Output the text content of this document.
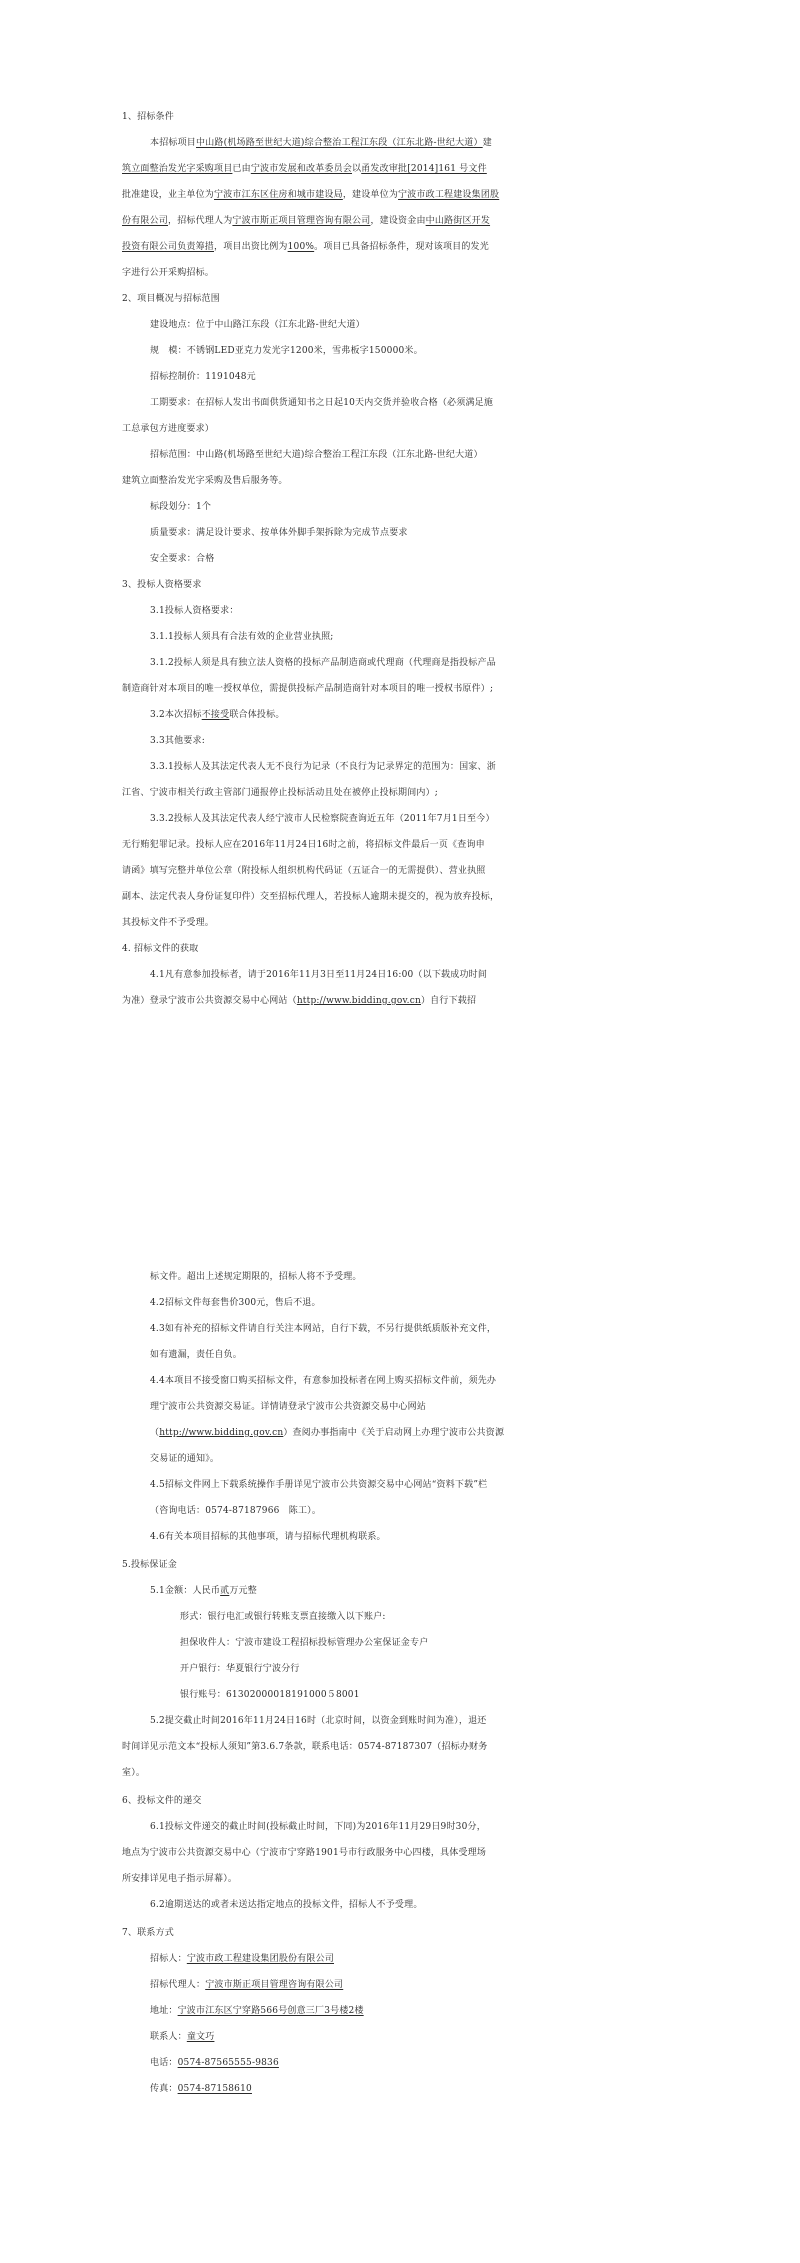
1、招标条件
本招标项目中山路(机场路至世纪大道)综合整治工程江东段（江东北路-世纪大道）建
筑立面整治发光字采购项目已由宁波市发展和改革委员会以甬发改审批[2014]161 号文件
批准建设，业主单位为宁波市江东区住房和城市建设局，建设单位为宁波市政工程建设集团股
份有限公司，招标代理人为宁波市斯正项目管理咨询有限公司，建设资金由中山路街区开发
投资有限公司负责筹措，项目出资比例为100%。项目已具备招标条件，现对该项目的发光
字进行公开采购招标。
2、项目概况与招标范围
建设地点：位于中山路江东段（江东北路-世纪大道）
规　模：不锈钢LED亚克力发光字1200米，雪弗板字150000米。
招标控制价：1191048元
工期要求：在招标人发出书面供货通知书之日起10天内交货并验收合格（必须满足施
工总承包方进度要求）
招标范围：中山路(机场路至世纪大道)综合整治工程江东段（江东北路-世纪大道）
建筑立面整治发光字采购及售后服务等。
标段划分：1个
质量要求：满足设计要求、按单体外脚手架拆除为完成节点要求
安全要求：合格
3、投标人资格要求
3.1投标人资格要求：
3.1.1投标人须具有合法有效的企业营业执照;
3.1.2投标人须是具有独立法人资格的投标产品制造商或代理商（代理商是指投标产品
制造商针对本项目的唯一授权单位，需提供投标产品制造商针对本项目的唯一授权书原件）;
3.2本次招标不接受联合体投标。
3.3其他要求:
3.3.1投标人及其法定代表人无不良行为记录（不良行为记录界定的范围为：国家、浙
江省、宁波市相关行政主管部门通报停止投标活动且处在被停止投标期间内）;
3.3.2投标人及其法定代表人经宁波市人民检察院查询近五年（2011年7月1日至今）
无行贿犯罪记录。投标人应在2016年11月24日16时之前，将招标文件最后一页《查询申
请函》填写完整并单位公章（附投标人组织机构代码证（五证合一的无需提供）、营业执照
副本、法定代表人身份证复印件）交至招标代理人，若投标人逾期未提交的，视为放弃投标，
其投标文件不予受理。
4. 招标文件的获取
4.1凡有意参加投标者，请于2016年11月3日至11月24日16:00（以下载成功时间
为准）登录宁波市公共资源交易中心网站（http://www.bidding.gov.cn）自行下载招
标文件。超出上述规定期限的，招标人将不予受理。
4.2招标文件每套售价300元，售后不退。
4.3如有补充的招标文件请自行关注本网站，自行下载，不另行提供纸质版补充文件，
如有遗漏，责任自负。
4.4本项目不接受窗口购买招标文件，有意参加投标者在网上购买招标文件前，须先办
理宁波市公共资源交易证。详情请登录宁波市公共资源交易中心网站
（http://www.bidding.gov.cn）查阅办事指南中《关于启动网上办理宁波市公共资源
交易证的通知》。
4.5招标文件网上下载系统操作手册详见宁波市公共资源交易中心网站“资料下载”栏
（咨询电话：0574-87187966　陈工）。
4.6有关本项目招标的其他事项，请与招标代理机构联系。
5.投标保证金
5.1金额：人民币贰万元整
形式：银行电汇或银行转账支票直接缴入以下账户:
担保收件人：宁波市建设工程招标投标管理办公室保证金专户
开户银行：华夏银行宁波分行
银行账号：61302000018191000５8001
5.2提交截止时间2016年11月24日16时（北京时间，以资金到账时间为准），退还
时间详见示范文本“投标人须知”第3.6.7条款，联系电话：0574-87187307（招标办财务
室）。
6、投标文件的递交
6.1投标文件递交的截止时间(投标截止时间，下同)为2016年11月29日9时30分，
地点为宁波市公共资源交易中心（宁波市宁穿路1901号市行政服务中心四楼，具体受理场
所安排详见电子指示屏幕）。
6.2逾期送达的或者未送达指定地点的投标文件，招标人不予受理。
7、联系方式
招标人：宁波市政工程建设集团股份有限公司
招标代理人：宁波市斯正项目管理咨询有限公司
地址：宁波市江东区宁穿路566号创意三厂3号楼2楼
联系人：童文巧
电话：0574-87565555-9836
传真：0574-87158610
